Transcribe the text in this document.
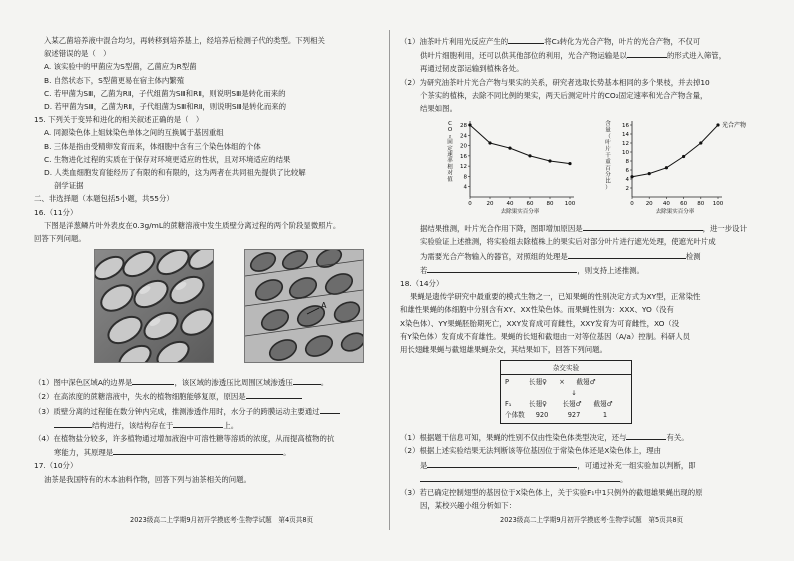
入某乙菌培养液中混合均匀，再转移到培养基上，经培养后检测子代的类型。下列相关
叙述错误的是（　）
A. 该实验中的甲菌应为S型菌，乙菌应为R型菌
B. 自然状态下，S型菌更易在宿主体内繁殖
C. 若甲菌为SⅢ，乙菌为RⅡ，子代组菌为SⅢ和RⅡ，则说明SⅢ是转化而来的
D. 若甲菌为SⅢ，乙菌为RⅡ，子代组菌为SⅢ和RⅡ，则说明SⅢ是转化而来的
15. 下列关于变异和进化的相关叙述正确的是（　）
A. 同源染色体上姐妹染色单体之间的互换属于基因重组
B. 三体是指由受精卵发育而来，体细胞中含有三个染色体组的个体
C. 生物进化过程的实质在于保存对环境更适应的性状，且对环境适应的结果
D. 人类血细胞发育能经历了有限的和有限的，这为两者在共同祖先提供了比较解
剖学证据
二、非选择题（本题包括5小题，共55分）
16.（11分）
下图是洋葱鳞片叶外表皮在0.3g/mL的蔗糖溶液中发生质壁分离过程的两个阶段显微照片。
回答下列问题。
A
（1）图中深色区域A的边界是	，该区域的渗透压比周围区域渗透压	。
（2）在高浓度的蔗糖溶液中，失水的植物细胞能够复原，原因是
（3）质壁分离的过程能在数分钟内完成，推测渗透作用时，水分子的跨膜运动主要通过
结构进行，该结构存在于	上。
（4）在植物盐分较多，许多植物通过增加液泡中可溶性糖等溶质的浓度，从而提高植物的抗
寒能力，其原理是	。
17.（10分）
油茶是我国特有的木本油料作物，回答下列与油茶相关的问题。
2023级高二上学期9月初开学摸底考·生物学试题　第4页共8页
（1）油茶叶片利用光反应产生的	将C₃转化为光合产物，叶片的光合产物，不仅可
供叶片细胞利用，还可以供其他部位的利用，光合产物运输是以	的形式进入筛管，
再通过韧皮部运输到植株各处。
（2）为研究油茶叶片光合产物与果实的关系，研究者选取长势基本相同的多个果枝，并去掉10
个茶实的植株，去除不同比例的果实，两天后测定叶片的CO₂固定速率和光合产物含量，
结果如图。
4
8
12
16
20
24
28
0	20 40 60 80 100
去除果实百分率
C
O
₂
固
定
速
率
相
对
值
2
4
6
8
10
12
14
16
0 20 40 60 80 100
去除果实百分率
含
量
（
叶
片
干
重
百
分
比
）
光合产物
据结果推测，叶片光合作用下降，图即增加原因是	，进一步设计
实验验证上述推测，将实验组去除植株上的果实后对部分叶片进行遮光处理，使遮光叶片成
为需要光合产物输入的器官，对照组的处理是	检测
若	，则支持上述推测。
18.（14分）
果蝇是遗传学研究中最重要的模式生物之一，已知果蝇的性别决定方式为XY型，正常染性
和雄性果蝇的体细胞中分别含有XY、XX性染色体。而果蝇性别为：XXX、YO（没有
X染色体）、YY果蝇胚胎期死亡，XXY发育成可育雌性，XXY发育为可育雌性，XO（没
有Y染色体）发育成不育雄性。果蝇的长翅和截翅由一对等位基因（A/a）控制。科研人员
用长翅雌果蝇与截翅雄果蝇杂交，其结果如下，回答下列问题。
杂交实验
P	长翅♀	×	截翅♂
↓
F₁	长翅♀	长翅♂	截翅♂
个体数	920	927	1
（1）根据题干信息可知，果蝇的性别不仅由性染色体类型决定，还与	有关。
（2）根据上述实验结果无法判断该等位基因位于常染色体还是X染色体上，理由
是	，可通过补充一组实验加以判断，即
。
（3）若已确定控制翅型的基因位于X染色体上，关于实验F₁中1只例外的截翅雄果蝇出现的原
因，某校兴趣小组分析如下：
2023级高二上学期9月初开学摸底考·生物学试题　第5页共8页
